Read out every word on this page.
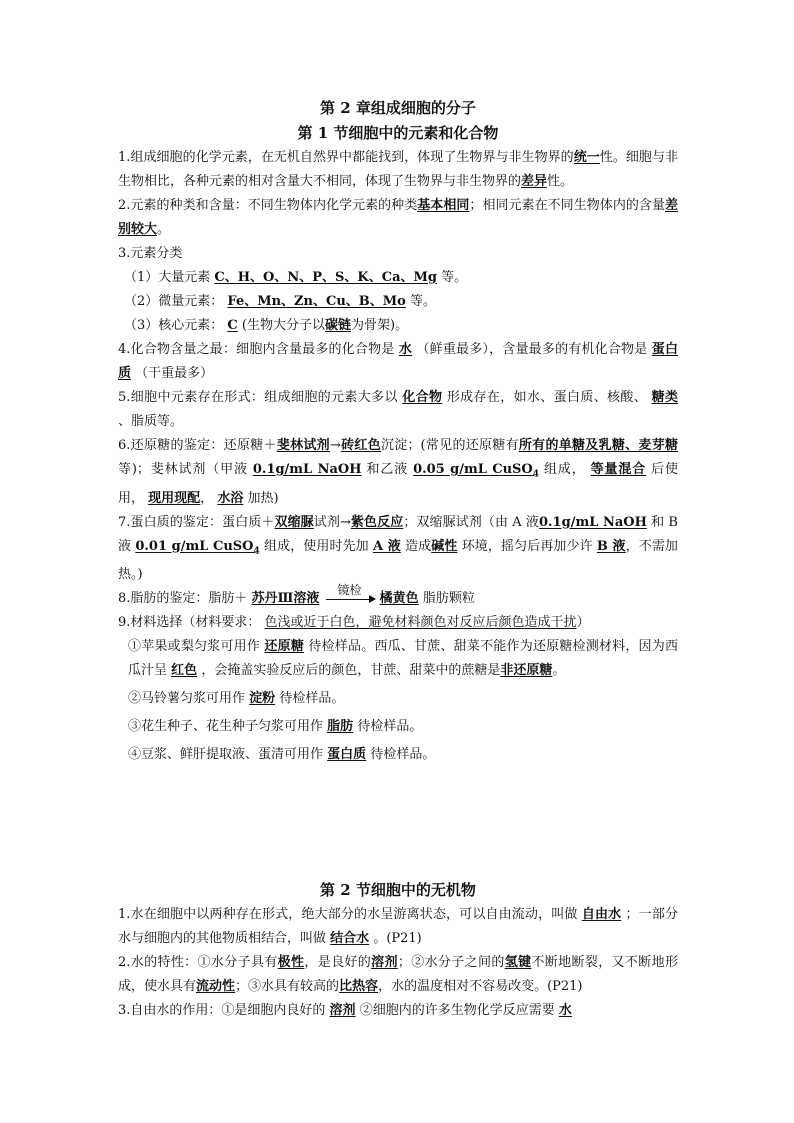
第 2 章组成细胞的分子
第 1 节细胞中的元素和化合物

1.组成细胞的化学元素，在无机自然界中都能找到，体现了生物界与非生物界的统一性。细胞与非生物相比，各种元素的相对含量大不相同，体现了生物界与非生物界的差异性。

2.元素的种类和含量：不同生物体内化学元素的种类基本相同；相同元素在不同生物体内的含量差别较大。

3.元素分类

（1）大量元素 C、H、O、N、P、S、K、Ca、Mg 等。

（2）微量元素： Fe、Mn、Zn、Cu、B、Mo 等。

（3）核心元素： C (生物大分子以碳链为骨架)。

4.化合物含量之最：细胞内含量最多的化合物是 水 （鲜重最多），含量最多的有机化合物是 蛋白质 （干重最多）

5.细胞中元素存在形式：组成细胞的元素大多以 化合物 形成存在，如水、蛋白质、核酸、 糖类 、脂质等。

6.还原糖的鉴定：还原糖＋斐林试剂→砖红色沉淀；(常见的还原糖有所有的单糖及乳糖、麦芽糖等)；斐林试剂（甲液 0.1g/mL NaOH 和乙液 0.05 g/mL CuSO$_4$ 组成， 等量混合 后使用， 现用现配， 水浴 加热)

7.蛋白质的鉴定：蛋白质＋双缩脲试剂→紫色反应；双缩脲试剂（由 A 液0.1g/mL NaOH 和 B 液 0.01 g/mL CuSO$_4$ 组成，使用时先加 A 液 造成碱性 环境，摇匀后再加少许 B 液，不需加热。)

8.脂肪的鉴定：脂肪＋ 苏丹Ⅲ溶液
镜检
橘黄色 脂肪颗粒

9.材料选择（材料要求： 色浅或近于白色，避免材料颜色对反应后颜色造成干扰）

①苹果或梨匀浆可用作 还原糖 待检样品。西瓜、甘蔗、甜菜不能作为还原糖检测材料，因为西瓜汁呈 红色 ，会掩盖实验反应后的颜色，甘蔗、甜菜中的蔗糖是非还原糖。

②马铃薯匀浆可用作 淀粉 待检样品。

③花生种子、花生种子匀浆可用作 脂肪 待检样品。

④豆浆、鲜肝提取液、蛋清可用作 蛋白质 待检样品。

第 2 节细胞中的无机物

1.水在细胞中以两种存在形式，绝大部分的水呈游离状态，可以自由流动，叫做 自由水 ；一部分水与细胞内的其他物质相结合，叫做 结合水 。(P21)

2.水的特性：①水分子具有极性，是良好的溶剂；②水分子之间的氢键不断地断裂，又不断地形成，使水具有流动性；③水具有较高的比热容，水的温度相对不容易改变。(P21)

3.自由水的作用：①是细胞内良好的 溶剂 ②细胞内的许多生物化学反应需要 水
